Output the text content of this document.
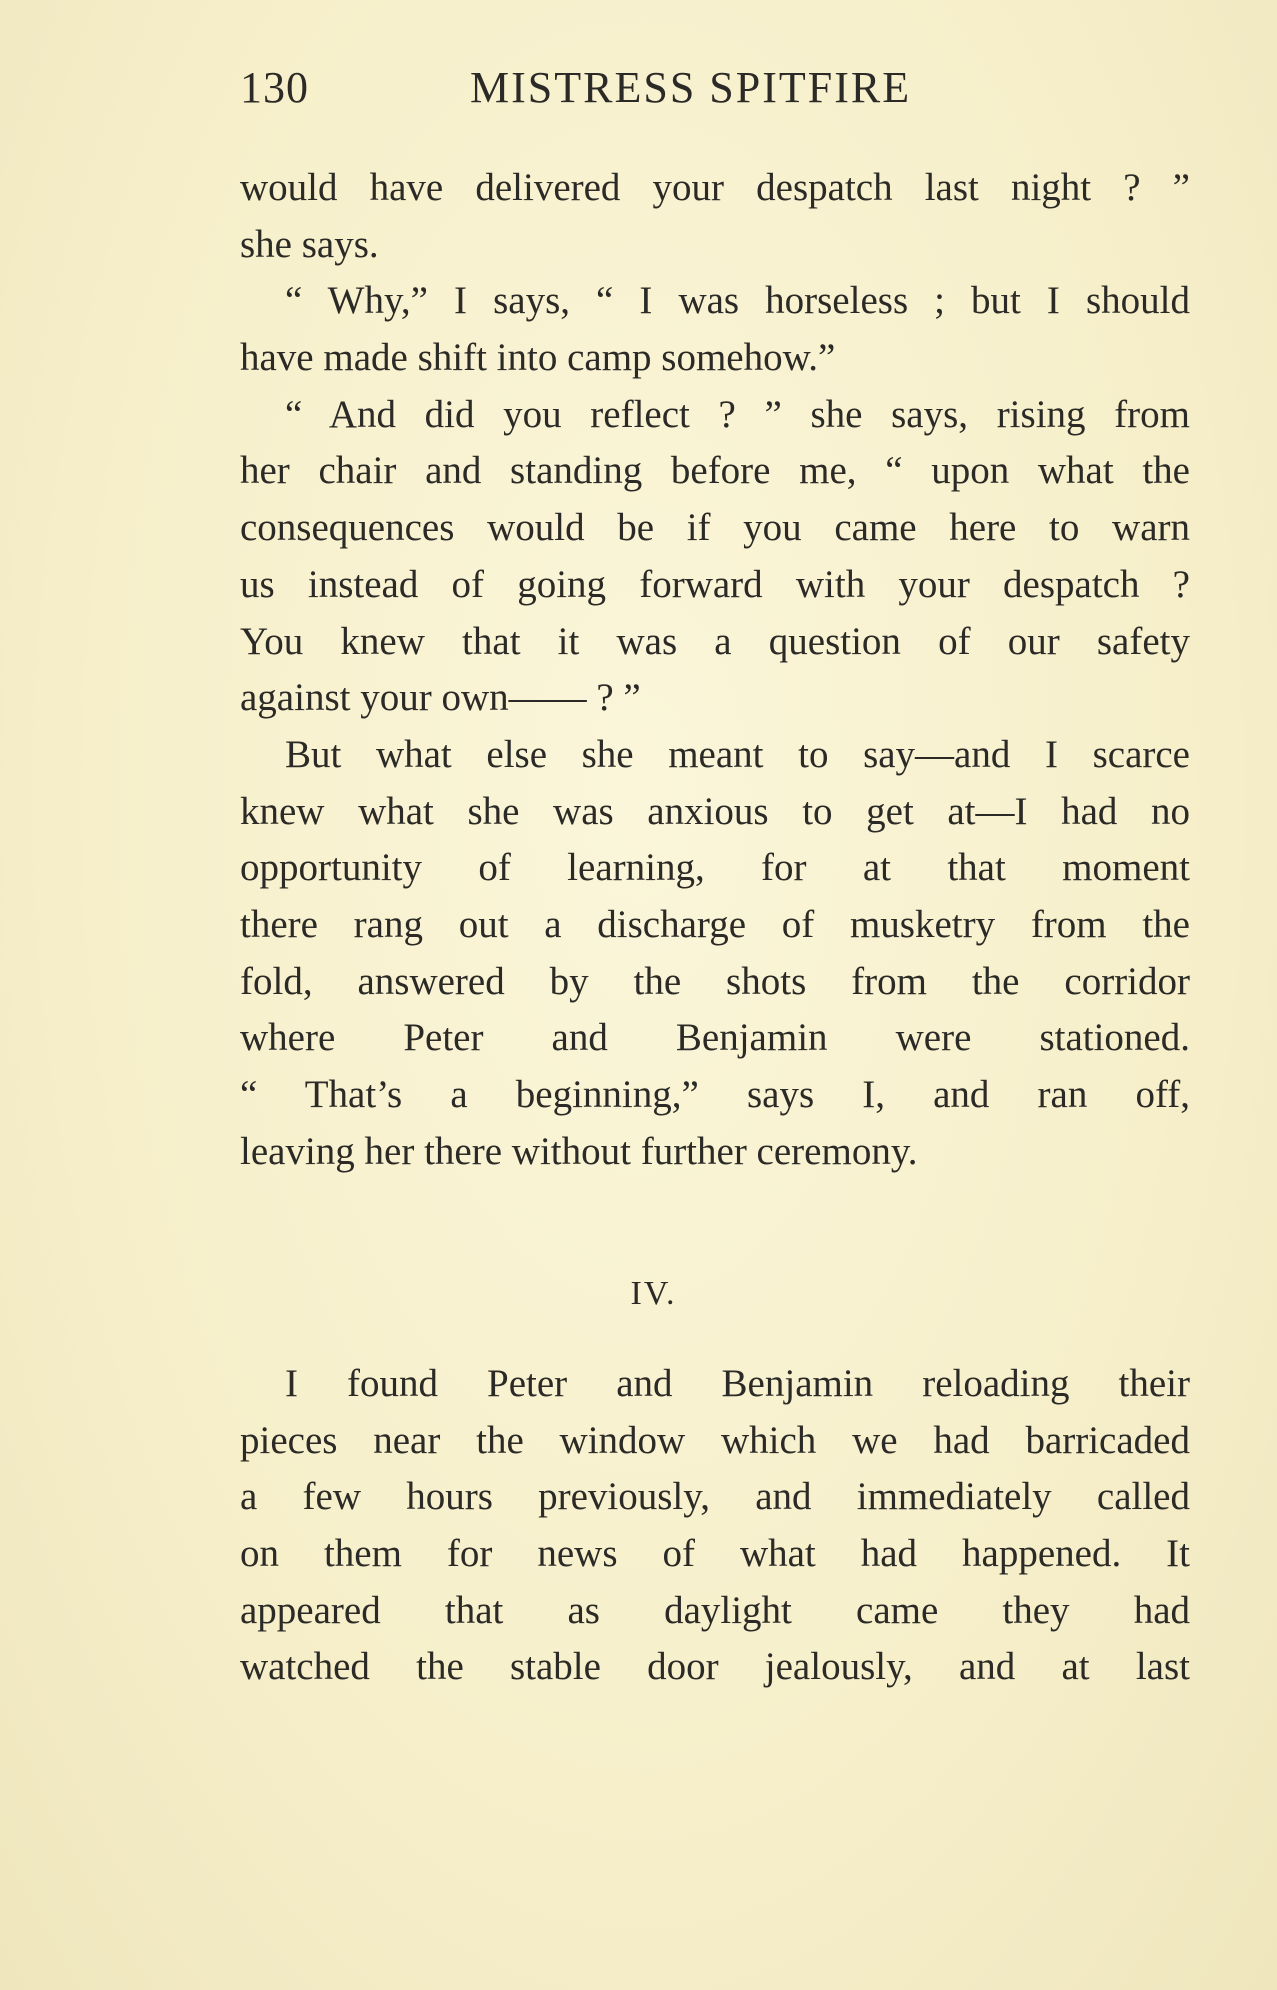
130	MISTRESS SPITFIRE
would have delivered your despatch last night ? ”
she says.
“ Why,” I says, “ I was horseless ; but I should
have made shift into camp somehow.”
“ And did you reflect ? ” she says, rising from
her chair and standing before me, “ upon what the
consequences would be if you came here to warn
us instead of going forward with your despatch ?
You knew that it was a question of our safety
against your own—— ? ”
But what else she meant to say—and I scarce
knew what she was anxious to get at—I had no
opportunity of learning, for at that moment
there rang out a discharge of musketry from the
fold, answered by the shots from the corridor
where Peter and Benjamin were stationed.
“ That’s a beginning,” says I, and ran off,
leaving her there without further ceremony.
IV.
I found Peter and Benjamin reloading their
pieces near the window which we had barricaded
a few hours previously, and immediately called
on them for news of what had happened. It
appeared that as daylight came they had
watched the stable door jealously, and at last
